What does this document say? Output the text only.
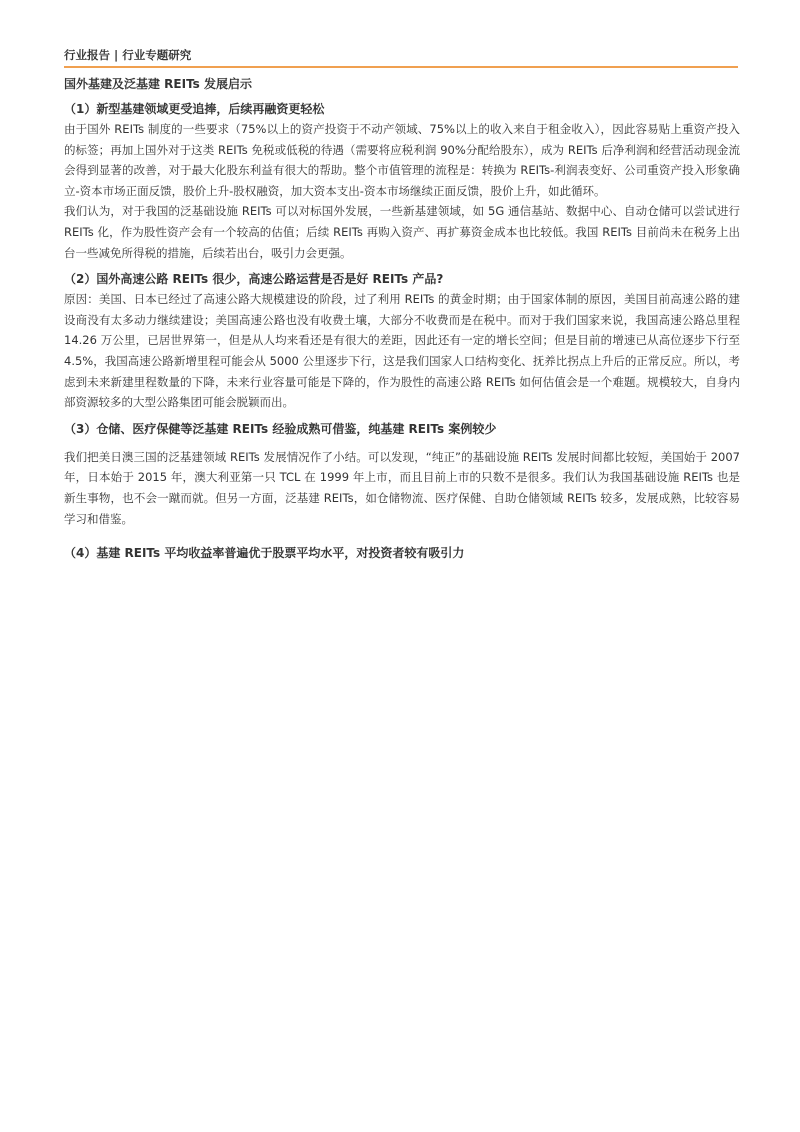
行业报告 | 行业专题研究
国外基建及泛基建 REITs 发展启示
（1）新型基建领域更受追捧，后续再融资更轻松

由于国外 REITs 制度的一些要求（75%以上的资产投资于不动产领域、75%以上的收入来自于租金收入），因此容易贴上重资产投入的标签；再加上国外对于这类 REITs 免税或低税的待遇（需要将应税利润 90%分配给股东），成为 REITs 后净利润和经营活动现金流会得到显著的改善，对于最大化股东利益有很大的帮助。整个市值管理的流程是：转换为 REITs-利润表变好、公司重资产投入形象确立-资本市场正面反馈，股价上升-股权融资，加大资本支出-资本市场继续正面反馈，股价上升，如此循环。

我们认为，对于我国的泛基础设施 REITs 可以对标国外发展，一些新基建领域，如 5G 通信基站、数据中心、自动仓储可以尝试进行 REITs 化，作为股性资产会有一个较高的估值；后续 REITs 再购入资产、再扩募资金成本也比较低。我国 REITs 目前尚未在税务上出台一些减免所得税的措施，后续若出台，吸引力会更强。

（2）国外高速公路 REITs 很少，高速公路运营是否是好 REITs 产品?

原因：美国、日本已经过了高速公路大规模建设的阶段，过了利用 REITs 的黄金时期；由于国家体制的原因，美国目前高速公路的建设商没有太多动力继续建设；美国高速公路也没有收费土壤，大部分不收费而是在税中。而对于我们国家来说，我国高速公路总里程 14.26 万公里，已居世界第一，但是从人均来看还是有很大的差距，因此还有一定的增长空间；但是目前的增速已从高位逐步下行至 4.5%，我国高速公路新增里程可能会从 5000 公里逐步下行，这是我们国家人口结构变化、抚养比拐点上升后的正常反应。所以，考虑到未来新建里程数量的下降，未来行业容量可能是下降的，作为股性的高速公路 REITs 如何估值会是一个难题。规模较大，自身内部资源较多的大型公路集团可能会脱颖而出。

（3）仓储、医疗保健等泛基建 REITs 经验成熟可借鉴，纯基建 REITs 案例较少

我们把美日澳三国的泛基建领域 REITs 发展情况作了小结。可以发现，“纯正”的基础设施 REITs 发展时间都比较短，美国始于 2007 年，日本始于 2015 年，澳大利亚第一只 TCL 在 1999 年上市，而且目前上市的只数不是很多。我们认为我国基础设施 REITs 也是新生事物，也不会一蹴而就。但另一方面，泛基建 REITs，如仓储物流、医疗保健、自助仓储领域 REITs 较多，发展成熟，比较容易学习和借鉴。

（4）基建 REITs 平均收益率普遍优于股票平均水平，对投资者较有吸引力
